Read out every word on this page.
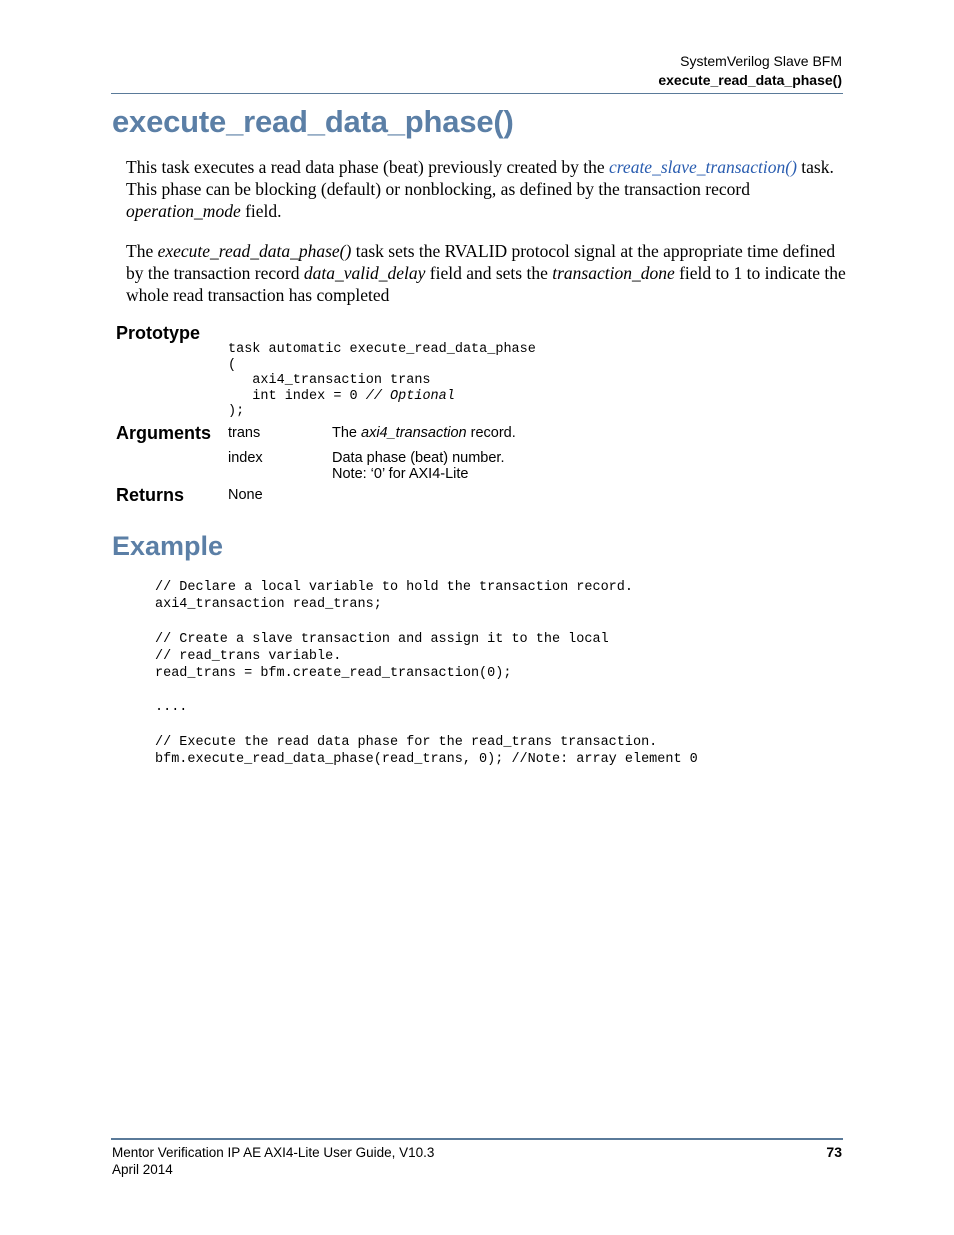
SystemVerilog Slave BFM
execute_read_data_phase()
execute_read_data_phase()
This task executes a read data phase (beat) previously created by the create_slave_transaction() task. This phase can be blocking (default) or nonblocking, as defined by the transaction record operation_mode field.
The execute_read_data_phase() task sets the RVALID protocol signal at the appropriate time defined by the transaction record data_valid_delay field and sets the transaction_done field to 1 to indicate the whole read transaction has completed
Prototype
task automatic execute_read_data_phase
(
axi4_transaction trans
int index = 0 // Optional
);
Arguments trans	The axi4_transaction record.
index	Data phase (beat) number.
Note: ‘0’ for AXI4-Lite
Returns	None
Example
// Declare a local variable to hold the transaction record.
axi4_transaction read_trans;

// Create a slave transaction and assign it to the local
// read_trans variable.
read_trans = bfm.create_read_transaction(0);

....

// Execute the read data phase for the read_trans transaction.
bfm.execute_read_data_phase(read_trans, 0); //Note: array element 0
Mentor Verification IP AE AXI4-Lite User Guide, V10.3
April 2014
73
